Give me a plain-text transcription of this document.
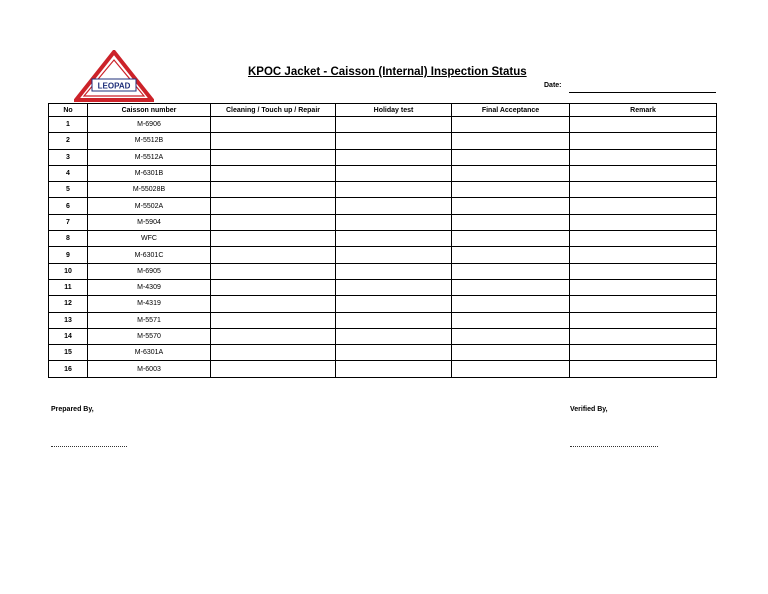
LEOPAD
KPOC Jacket - Caisson (Internal) Inspection Status
Date:
No	Caisson number	Cleaning / Touch up / Repair	Holiday test	Final Acceptance	Remark
1	M-6906				
2	M-5512B				
3	M-5512A				
4	M-6301B				
5	M-55028B				
6	M-5502A				
7	M-5904				
8	WFC				
9	M-6301C				
10	M-6905				
11	M-4309				
12	M-4319				
13	M-5571				
14	M-5570				
15	M-6301A				
16	M-6003				
Prepared By,	Verified By,
